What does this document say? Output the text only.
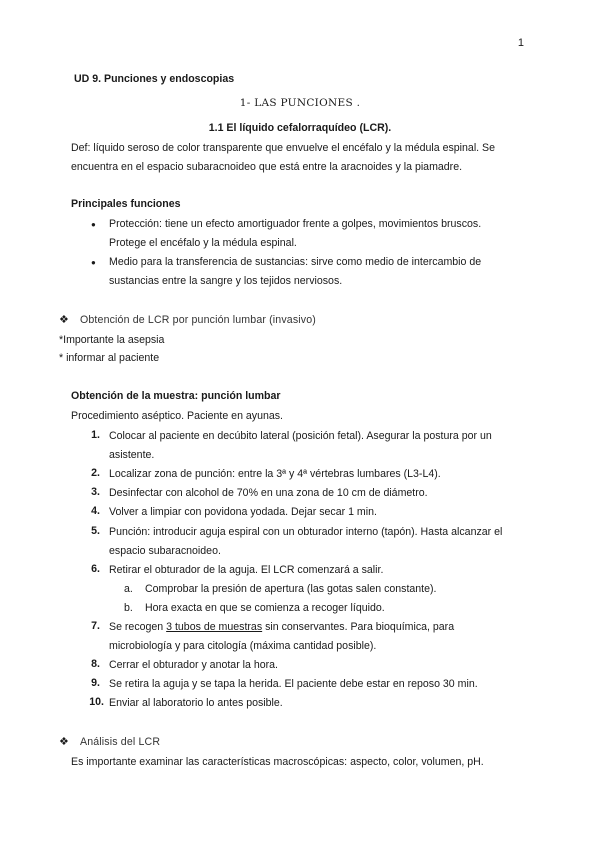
1
UD 9. Punciones y endoscopias
1- LAS PUNCIONES .
1.1 El líquido cefalorraquídeo (LCR).
Def: líquido seroso de color transparente que envuelve el encéfalo y la médula espinal. Se
encuentra en el espacio subaracnoideo que está entre la aracnoides y la piamadre.
Principales funciones
● Protección: tiene un efecto amortiguador frente a golpes, movimientos bruscos.
Protege el encéfalo y la médula espinal.
● Medio para la transferencia de sustancias: sirve como medio de intercambio de
sustancias entre la sangre y los tejidos nerviosos.
❖ Obtención de LCR por punción lumbar (invasivo)
*Importante la asepsia
* informar al paciente
Obtención de la muestra: punción lumbar
Procedimiento aséptico. Paciente en ayunas.
1. Colocar al paciente en decúbito lateral (posición fetal). Asegurar la postura por un
asistente.
2. Localizar zona de punción: entre la 3ª y 4ª vértebras lumbares (L3-L4).
3. Desinfectar con alcohol de 70% en una zona de 10 cm de diámetro.
4. Volver a limpiar con povidona yodada. Dejar secar 1 min.
5. Punción: introducir aguja espiral con un obturador interno (tapón). Hasta alcanzar el
espacio subaracnoideo.
6. Retirar el obturador de la aguja. El LCR comenzará a salir.
a. Comprobar la presión de apertura (las gotas salen constante).
b. Hora exacta en que se comienza a recoger líquido.
7. Se recogen 3 tubos de muestras sin conservantes. Para bioquímica, para
microbiología y para citología (máxima cantidad posible).
8. Cerrar el obturador y anotar la hora.
9. Se retira la aguja y se tapa la herida. El paciente debe estar en reposo 30 min.
10. Enviar al laboratorio lo antes posible.
❖ Análisis del LCR
Es importante examinar las características macroscópicas: aspecto, color, volumen, pH.
